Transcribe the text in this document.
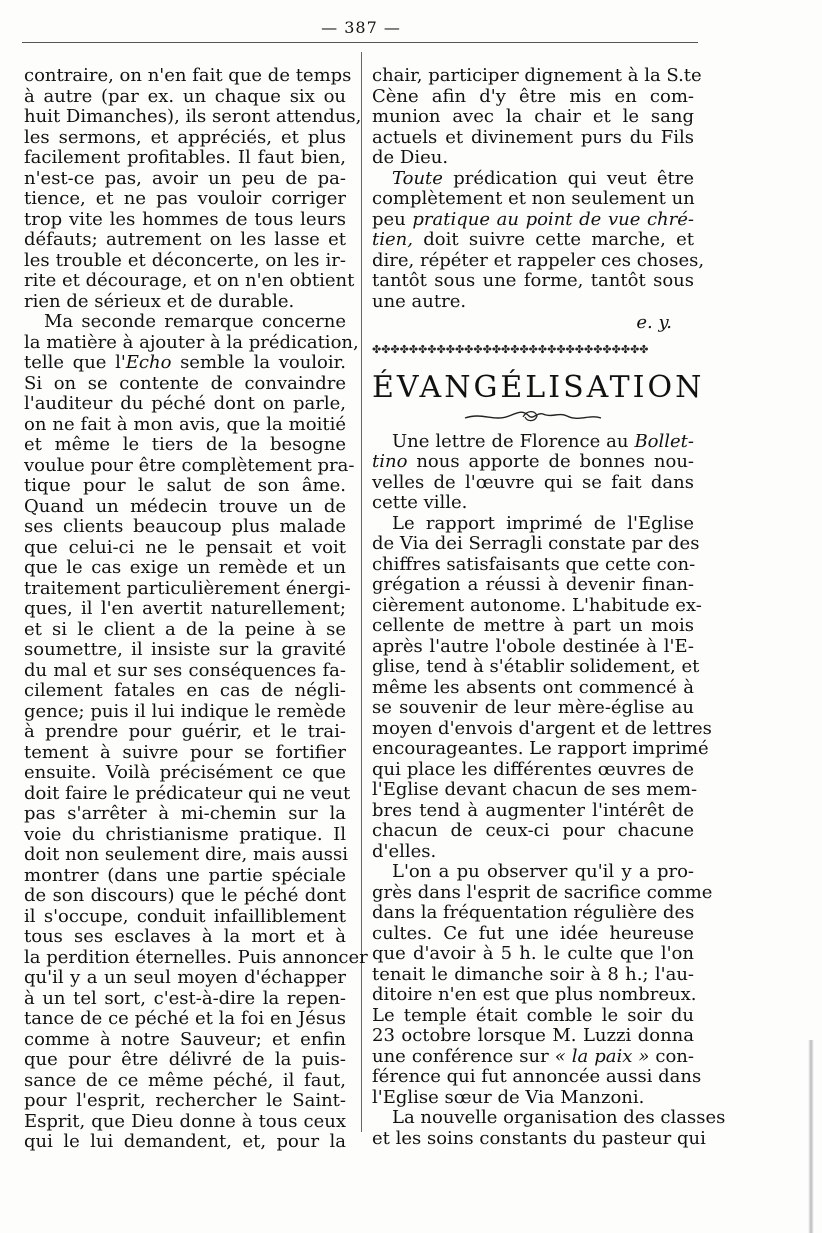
— 387 —

contraire, on n'en fait que de temps
à autre (par ex. un chaque six ou
huit Dimanches), ils seront attendus,
les sermons, et appréciés, et plus
facilement profitables. Il faut bien,
n'est-ce pas, avoir un peu de pa-
tience, et ne pas vouloir corriger
trop vite les hommes de tous leurs
défauts; autrement on les lasse et
les trouble et déconcerte, on les ir-
rite et décourage, et on n'en obtient
rien de sérieux et de durable.

Ma seconde remarque concerne
la matière à ajouter à la prédication,
telle que l'Echo semble la vouloir.
Si on se contente de convaindre
l'auditeur du péché dont on parle,
on ne fait à mon avis, que la moitié
et même le tiers de la besogne
voulue pour être complètement pra-
tique pour le salut de son âme.
Quand un médecin trouve un de
ses clients beaucoup plus malade
que celui-ci ne le pensait et voit
que le cas exige un remède et un
traitement particulièrement énergi-
ques, il l'en avertit naturellement;
et si le client a de la peine à se
soumettre, il insiste sur la gravité
du mal et sur ses conséquences fa-
cilement fatales en cas de négli-
gence; puis il lui indique le remède
à prendre pour guérir, et le trai-
tement à suivre pour se fortifier
ensuite. Voilà précisément ce que
doit faire le prédicateur qui ne veut
pas s'arrêter à mi-chemin sur la
voie du christianisme pratique. Il
doit non seulement dire, mais aussi
montrer (dans une partie spéciale
de son discours) que le péché dont
il s'occupe, conduit infailliblement
tous ses esclaves à la mort et à
la perdition éternelles. Puis annoncer
qu'il y a un seul moyen d'échapper
à un tel sort, c'est-à-dire la repen-
tance de ce péché et la foi en Jésus
comme à notre Sauveur; et enfin
que pour être délivré de la puis-
sance de ce même péché, il faut,
pour l'esprit, rechercher le Saint-
Esprit, que Dieu donne à tous ceux
qui le lui demandent, et, pour la

chair, participer dignement à la S.te
Cène afin d'y être mis en com-
munion avec la chair et le sang
actuels et divinement purs du Fils
de Dieu.

Toute prédication qui veut être
complètement et non seulement un
peu pratique au point de vue chré-
tien, doit suivre cette marche, et
dire, répéter et rappeler ces choses,
tantôt sous une forme, tantôt sous
une autre.

e. y.
✤✤✤✤✤✤✤✤✤✤✤✤✤✤✤✤✤✤✤✤✤✤✤✤✤✤✤✤✤✤
ÉVANGÉLISATION

Une lettre de Florence au Bollet-
tino nous apporte de bonnes nou-
velles de l'œuvre qui se fait dans
cette ville.

Le rapport imprimé de l'Eglise
de Via dei Serragli constate par des
chiffres satisfaisants que cette con-
grégation a réussi à devenir finan-
cièrement autonome. L'habitude ex-
cellente de mettre à part un mois
après l'autre l'obole destinée à l'E-
glise, tend à s'établir solidement, et
même les absents ont commencé à
se souvenir de leur mère-église au
moyen d'envois d'argent et de lettres
encourageantes. Le rapport imprimé
qui place les différentes œuvres de
l'Eglise devant chacun de ses mem-
bres tend à augmenter l'intérêt de
chacun de ceux-ci pour chacune
d'elles.

L'on a pu observer qu'il y a pro-
grès dans l'esprit de sacrifice comme
dans la fréquentation régulière des
cultes. Ce fut une idée heureuse
que d'avoir à 5 h. le culte que l'on
tenait le dimanche soir à 8 h.; l'au-
ditoire n'en est que plus nombreux.
Le temple était comble le soir du
23 octobre lorsque M. Luzzi donna
une conférence sur « la paix » con-
férence qui fut annoncée aussi dans
l'Eglise sœur de Via Manzoni.

La nouvelle organisation des classes
et les soins constants du pasteur qui
